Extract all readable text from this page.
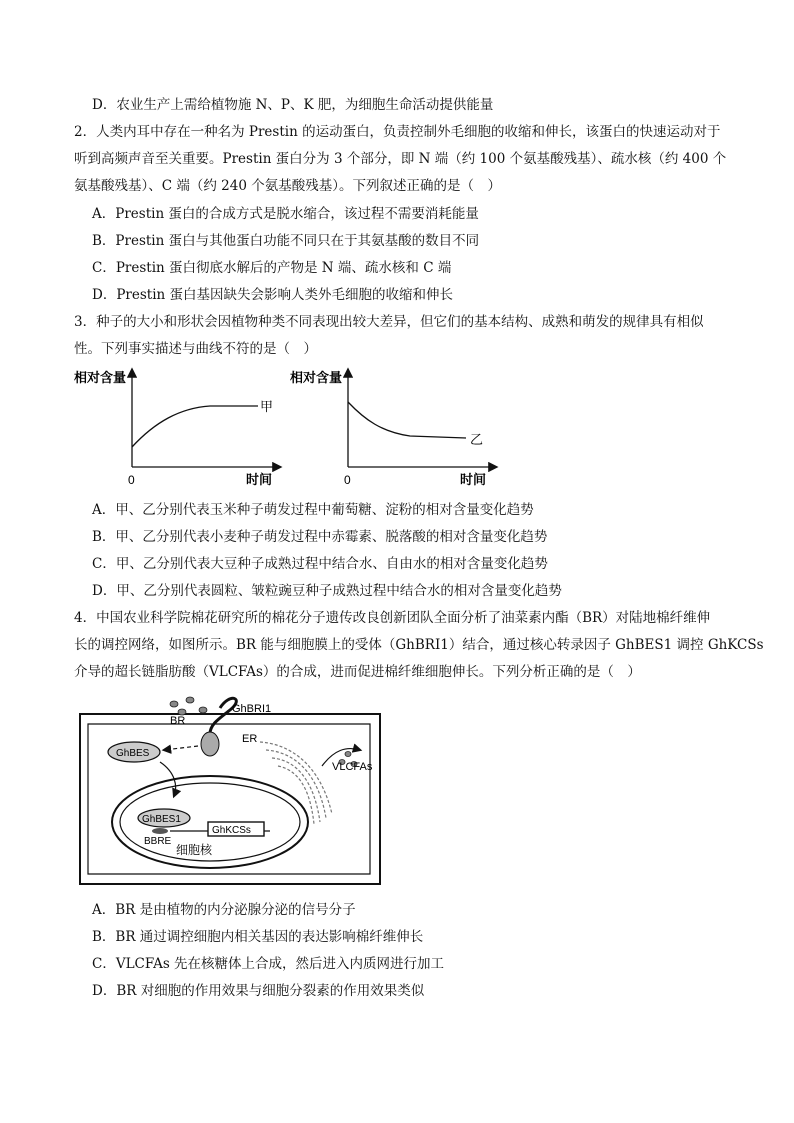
D．农业生产上需给植物施 N、P、K 肥，为细胞生命活动提供能量
2．人类内耳中存在一种名为 Prestin 的运动蛋白，负责控制外毛细胞的收缩和伸长，该蛋白的快速运动对于
听到高频声音至关重要。Prestin 蛋白分为 3 个部分，即 N 端（约 100 个氨基酸残基）、疏水核（约 400 个
氨基酸残基）、C 端（约 240 个氨基酸残基）。下列叙述正确的是（　）
A．Prestin 蛋白的合成方式是脱水缩合，该过程不需要消耗能量
B．Prestin 蛋白与其他蛋白功能不同只在于其氨基酸的数目不同
C．Prestin 蛋白彻底水解后的产物是 N 端、疏水核和 C 端
D．Prestin 蛋白基因缺失会影响人类外毛细胞的收缩和伸长
3．种子的大小和形状会因植物种类不同表现出较大差异，但它们的基本结构、成熟和萌发的规律具有相似
性。下列事实描述与曲线不符的是（　）
相对含量
时间
0
甲
相对含量
时间
0
乙
A．甲、乙分别代表玉米种子萌发过程中葡萄糖、淀粉的相对含量变化趋势
B．甲、乙分别代表小麦种子萌发过程中赤霉素、脱落酸的相对含量变化趋势
C．甲、乙分别代表大豆种子成熟过程中结合水、自由水的相对含量变化趋势
D．甲、乙分别代表圆粒、皱粒豌豆种子成熟过程中结合水的相对含量变化趋势
4．中国农业科学院棉花研究所的棉花分子遗传改良创新团队全面分析了油菜素内酯（BR）对陆地棉纤维伸
长的调控网络，如图所示。BR 能与细胞膜上的受体（GhBRI1）结合，通过核心转录因子 GhBES1 调控 GhKCSs
介导的超长链脂肪酸（VLCFAs）的合成，进而促进棉纤维细胞伸长。下列分析正确的是（　）
BR
GhBRI1
GhBES
ER
VLCFAs
GhBES1
GhKCSs
BBRE
细胞核
A．BR 是由植物的内分泌腺分泌的信号分子
B．BR 通过调控细胞内相关基因的表达影响棉纤维伸长
C．VLCFAs 先在核糖体上合成，然后进入内质网进行加工
D．BR 对细胞的作用效果与细胞分裂素的作用效果类似
